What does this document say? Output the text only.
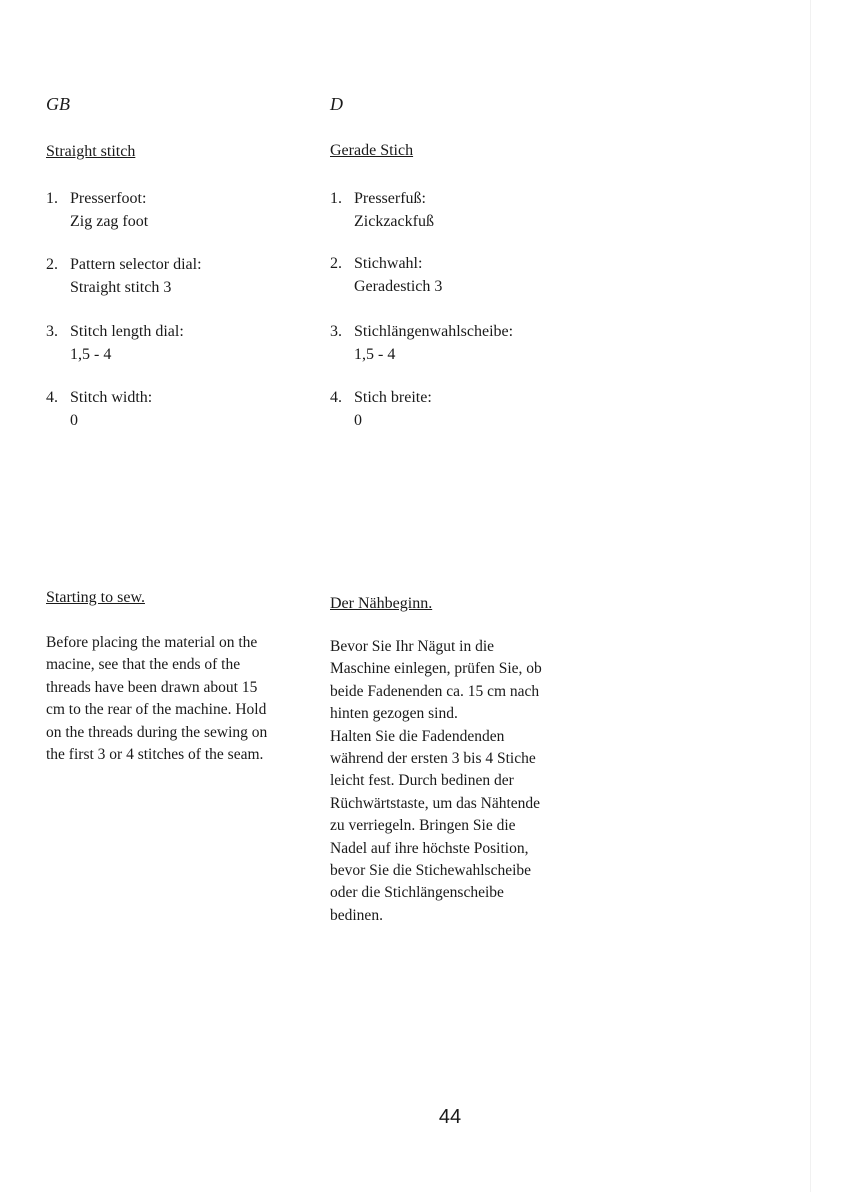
GB
Straight stitch
1. Presserfoot:
Zig zag foot
2. Pattern selector dial:
Straight stitch 3
3. Stitch length dial:
1,5 - 4
4. Stitch width:
0
Starting to sew.
Before placing the material on the
macine, see that the ends of the
threads have been drawn about 15
cm to the rear of the machine. Hold
on the threads during the sewing on
the first 3 or 4 stitches of the seam.
D
Gerade Stich
1. Presserfuß:
Zickzackfuß
2. Stichwahl:
Geradestich 3
3. Stichlängenwahlscheibe:
1,5 - 4
4. Stich breite:
0
Der Nähbeginn.
Bevor Sie Ihr Nägut in die
Maschine einlegen, prüfen Sie, ob
beide Fadenenden ca. 15 cm nach
hinten gezogen sind.
Halten Sie die Fadendenden
während der ersten 3 bis 4 Stiche
leicht fest. Durch bedinen der
Rüchwärtstaste, um das Nähtende
zu verriegeln. Bringen Sie die
Nadel auf ihre höchste Position,
bevor Sie die Stichewahlscheibe
oder die Stichlängenscheibe
bedinen.
44
